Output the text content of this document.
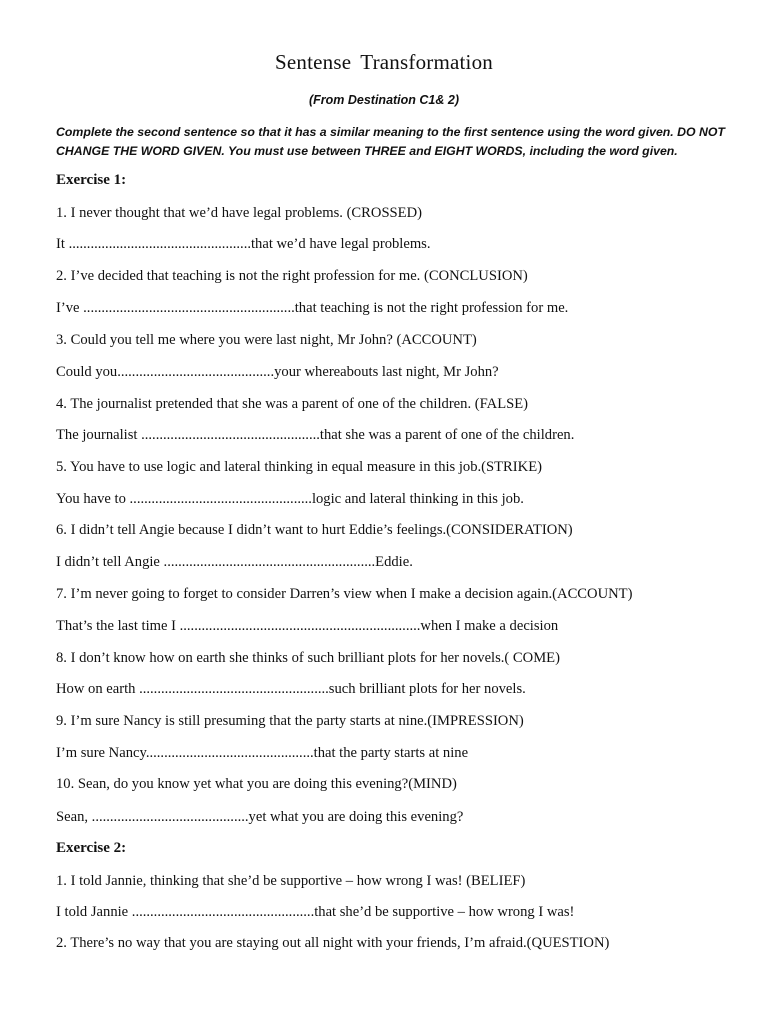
Sentense Transformation
(From Destination C1& 2)
Complete the second sentence so that it has a similar meaning to the first sentence using the word given. DO NOT CHANGE THE WORD GIVEN. You must use between THREE and EIGHT WORDS, including the word given.
Exercise 1:
1. I never thought that we’d have legal problems. (CROSSED)
It ..................................................that we’d have legal problems.
2. I’ve decided that teaching is not the right profession for me. (CONCLUSION)
I’ve ..........................................................that teaching is not the right profession for me.
3. Could you tell me where you were last night, Mr John? (ACCOUNT)
Could you...........................................your whereabouts last night, Mr John?
4. The journalist pretended that she was a parent of one of the children. (FALSE)
The journalist .................................................that she was a parent of one of the children.
5. You have to use logic and lateral thinking in equal measure in this job.(STRIKE)
You have to ..................................................logic and lateral thinking in this job.
6. I didn’t tell Angie because I didn’t want to hurt Eddie’s feelings.(CONSIDERATION)
I didn’t tell Angie ..........................................................Eddie.
7. I’m never going to forget to consider Darren’s view when I make a decision again.(ACCOUNT)
That’s the last time I ..................................................................when I make a decision
8. I don’t know how on earth she thinks of such brilliant plots for her novels.( COME)
How on earth ....................................................such brilliant plots for her novels.
9. I’m sure Nancy is still presuming that the party starts at nine.(IMPRESSION)
I’m sure Nancy..............................................that the party starts at nine
10. Sean, do you know yet what you are doing this evening?(MIND)
Sean, ...........................................yet what you are doing this evening?
Exercise 2:
1. I told Jannie, thinking that she’d be supportive – how wrong I was! (BELIEF)
I told Jannie ..................................................that she’d be supportive – how wrong I was!
2. There’s no way that you are staying out all night with your friends, I’m afraid.(QUESTION)
